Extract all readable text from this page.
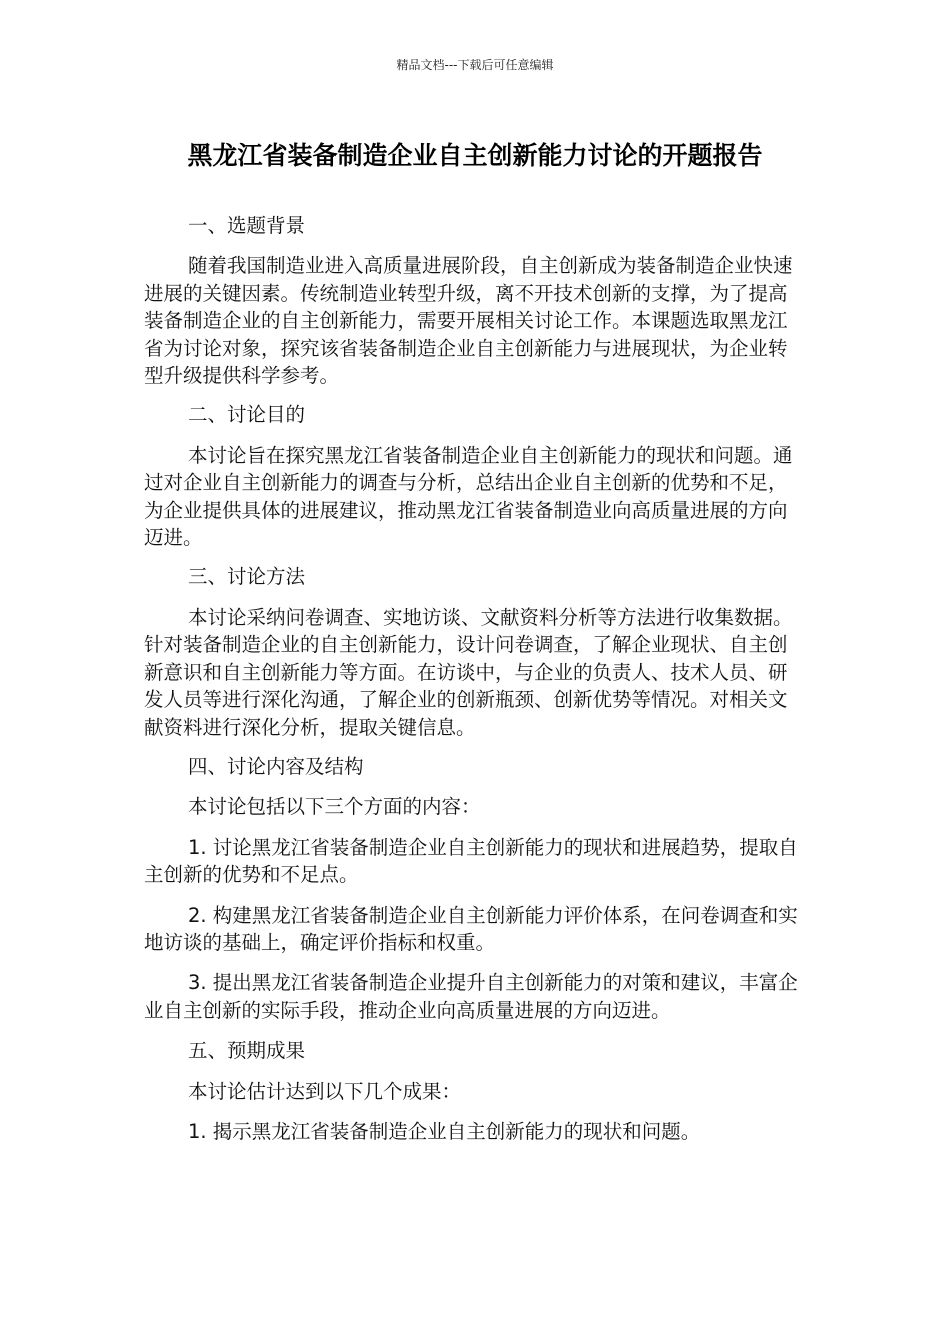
精品文档---下载后可任意编辑
黑龙江省装备制造企业自主创新能力讨论的开题报告

一、选题背景

随着我国制造业进入高质量进展阶段，自主创新成为装备制造企业快速进展的关键因素。传统制造业转型升级，离不开技术创新的支撑，为了提高装备制造企业的自主创新能力，需要开展相关讨论工作。本课题选取黑龙江省为讨论对象，探究该省装备制造企业自主创新能力与进展现状，为企业转型升级提供科学参考。

二、讨论目的

本讨论旨在探究黑龙江省装备制造企业自主创新能力的现状和问题。通过对企业自主创新能力的调查与分析，总结出企业自主创新的优势和不足，为企业提供具体的进展建议，推动黑龙江省装备制造业向高质量进展的方向迈进。

三、讨论方法

本讨论采纳问卷调查、实地访谈、文献资料分析等方法进行收集数据。针对装备制造企业的自主创新能力，设计问卷调查，了解企业现状、自主创新意识和自主创新能力等方面。在访谈中，与企业的负责人、技术人员、研发人员等进行深化沟通，了解企业的创新瓶颈、创新优势等情况。对相关文献资料进行深化分析，提取关键信息。

四、讨论内容及结构

本讨论包括以下三个方面的内容：

1. 讨论黑龙江省装备制造企业自主创新能力的现状和进展趋势，提取自主创新的优势和不足点。

2. 构建黑龙江省装备制造企业自主创新能力评价体系，在问卷调查和实地访谈的基础上，确定评价指标和权重。

3. 提出黑龙江省装备制造企业提升自主创新能力的对策和建议，丰富企业自主创新的实际手段，推动企业向高质量进展的方向迈进。

五、预期成果

本讨论估计达到以下几个成果：

1. 揭示黑龙江省装备制造企业自主创新能力的现状和问题。
